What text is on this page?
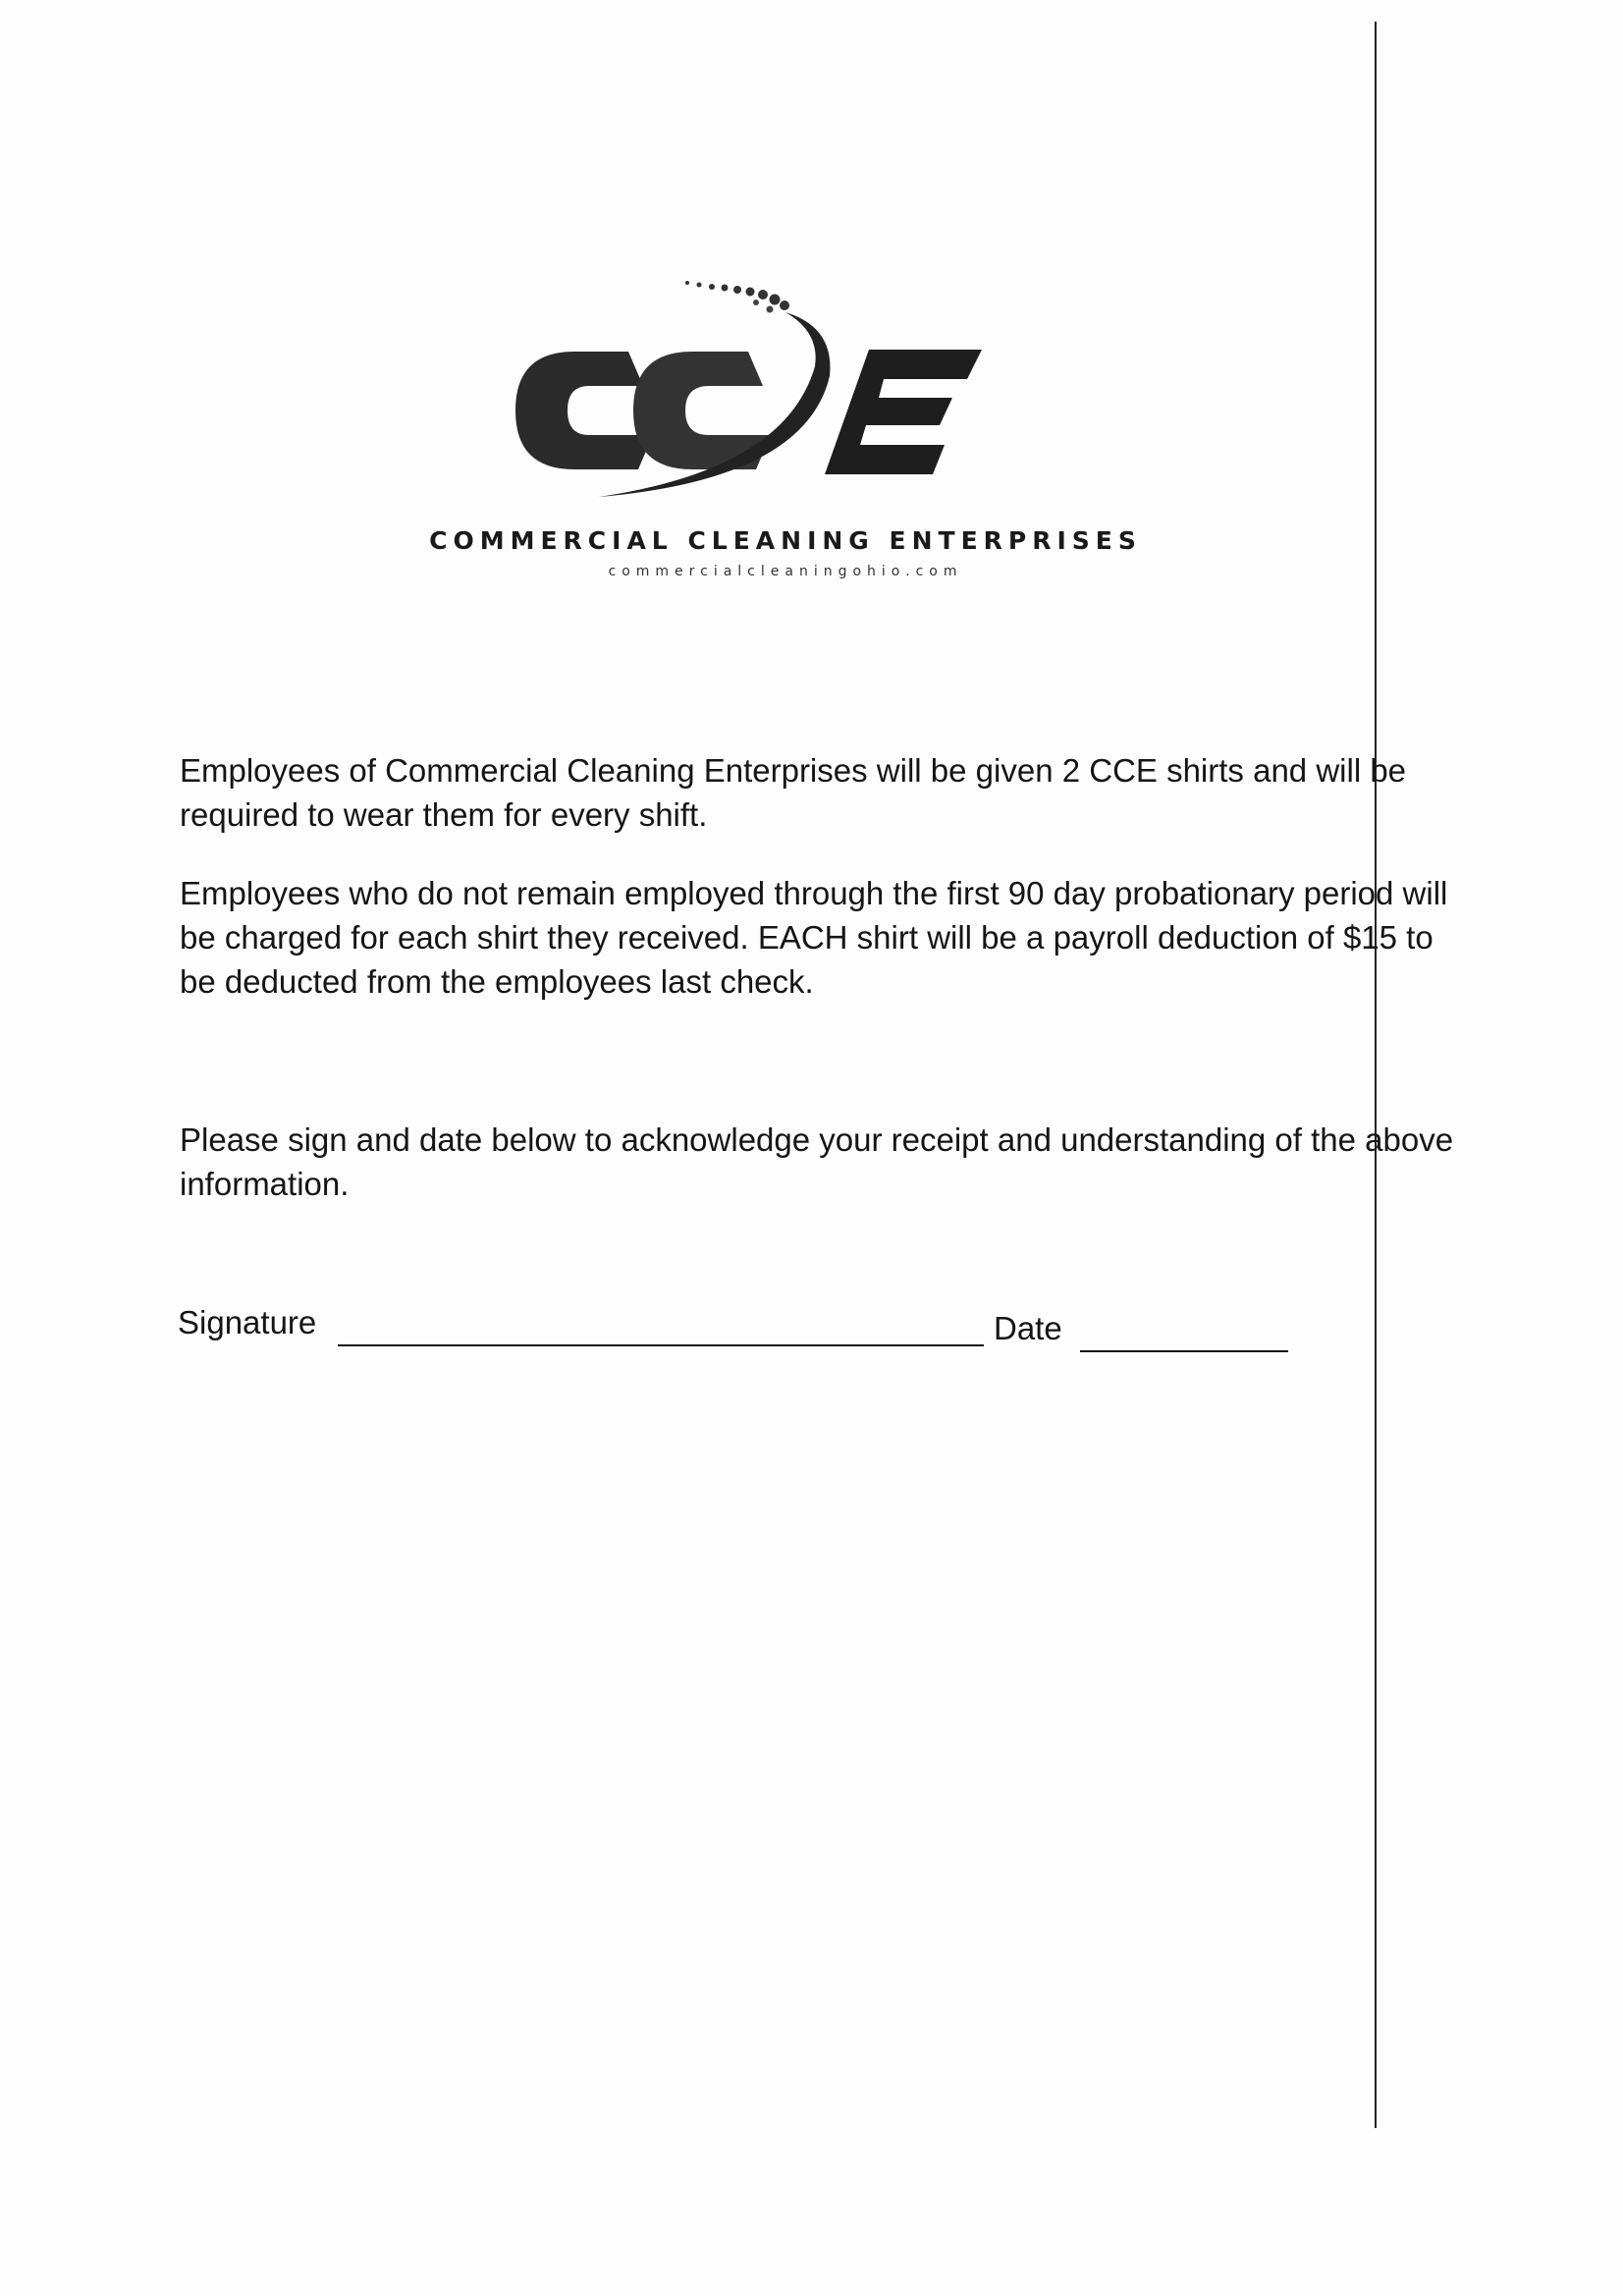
COMMERCIAL CLEANING ENTERPRISES
commercialcleaningohio.com

Employees of Commercial Cleaning Enterprises will be given 2 CCE shirts and will be required to wear them for every shift.

Employees who do not remain employed through the first 90 day probationary period will be charged for each shirt they received. EACH shirt will be a payroll deduction of $15 to be deducted from the employees last check.

Please sign and date below to acknowledge your receipt and understanding of the above information.

Signature	Date
